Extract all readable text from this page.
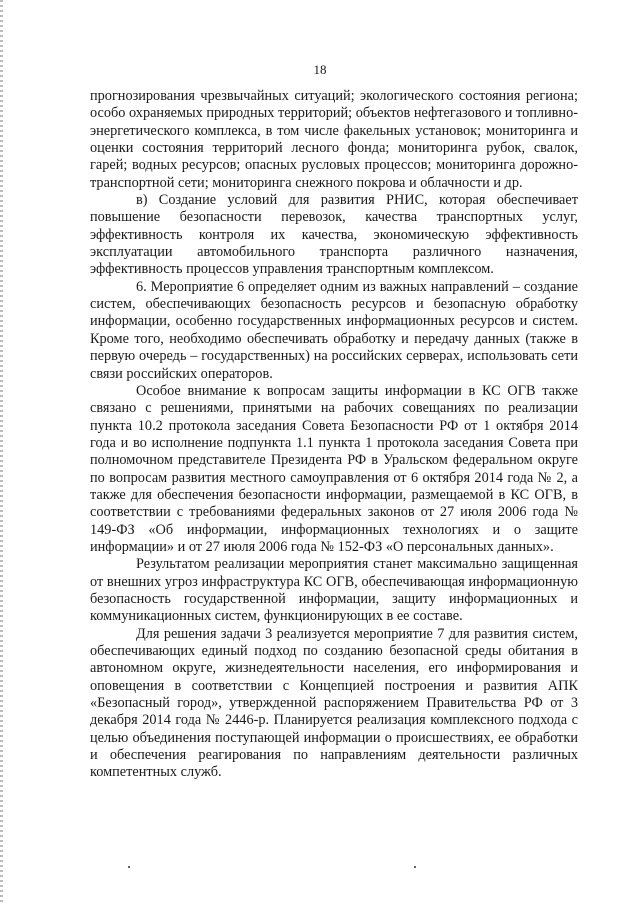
18

прогнозирования чрезвычайных ситуаций; экологического состояния региона; особо охраняемых природных территорий; объектов нефтегазового и топливно-энергетического комплекса, в том числе факельных установок; мониторинга и оценки состояния территорий лесного фонда; мониторинга рубок, свалок, гарей; водных ресурсов; опасных русловых процессов; мониторинга дорожно-транспортной сети; мониторинга снежного покрова и облачности и др.

в) Создание условий для развития РНИС, которая обеспечивает повышение безопасности перевозок, качества транспортных услуг, эффективность контроля их качества, экономическую эффективность эксплуатации автомобильного транспорта различного назначения, эффективность процессов управления транспортным комплексом.

6. Мероприятие 6 определяет одним из важных направлений – создание систем, обеспечивающих безопасность ресурсов и безопасную обработку информации, особенно государственных информационных ресурсов и систем. Кроме того, необходимо обеспечивать обработку и передачу данных (также в первую очередь – государственных) на российских серверах, использовать сети связи российских операторов.

Особое внимание к вопросам защиты информации в КС ОГВ также связано с решениями, принятыми на рабочих совещаниях по реализации пункта 10.2 протокола заседания Совета Безопасности РФ от 1 октября 2014 года и во исполнение подпункта 1.1 пункта 1 протокола заседания Совета при полномочном представителе Президента РФ в Уральском федеральном округе по вопросам развития местного самоуправления от 6 октября 2014 года № 2, а также для обеспечения безопасности информации, размещаемой в КС ОГВ, в соответствии с требованиями федеральных законов от 27 июля 2006 года № 149-ФЗ «Об информации, информационных технологиях и о защите информации» и от 27 июля 2006 года № 152-ФЗ «О персональных данных».

Результатом реализации мероприятия станет максимально защищенная от внешних угроз инфраструктура КС ОГВ, обеспечивающая информационную безопасность государственной информации, защиту информационных и коммуникационных систем, функционирующих в ее составе.

Для решения задачи 3 реализуется мероприятие 7 для развития систем, обеспечивающих единый подход по созданию безопасной среды обитания в автономном округе, жизнедеятельности населения, его информирования и оповещения в соответствии с Концепцией построения и развития АПК «Безопасный город», утвержденной распоряжением Правительства РФ от 3 декабря 2014 года № 2446-р. Планируется реализация комплексного подхода с целью объединения поступающей информации о происшествиях, ее обработки и обеспечения реагирования по направлениям деятельности различных компетентных служб.
